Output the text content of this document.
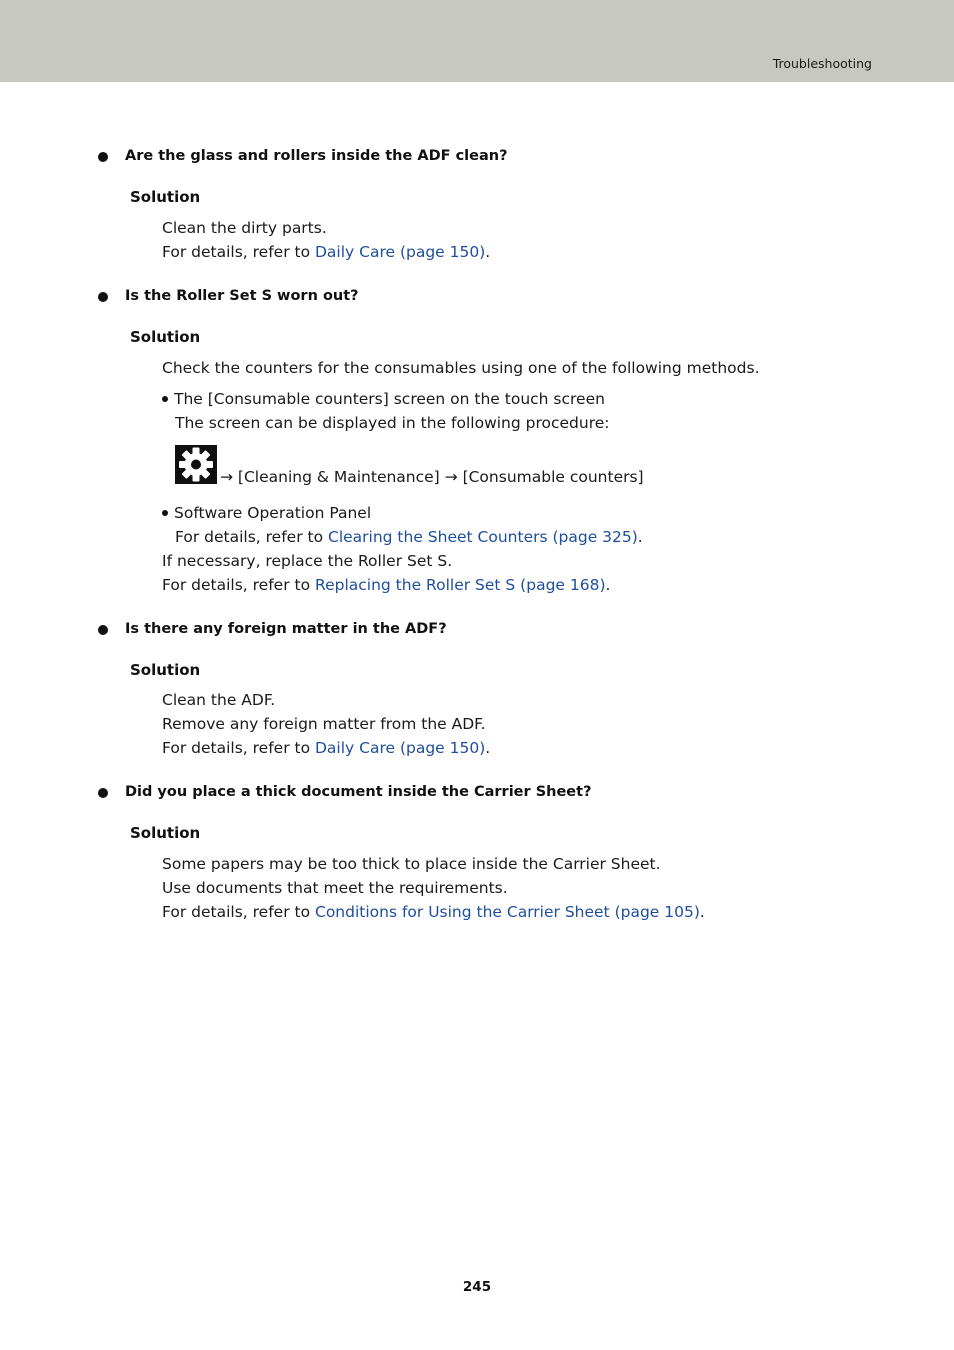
Troubleshooting
Are the glass and rollers inside the ADF clean?
Solution
Clean the dirty parts.
For details, refer to Daily Care (page 150).
Is the Roller Set S worn out?
Solution
Check the counters for the consumables using one of the following methods.
The [Consumable counters] screen on the touch screen
The screen can be displayed in the following procedure:
→ [Cleaning & Maintenance] → [Consumable counters]
Software Operation Panel
For details, refer to Clearing the Sheet Counters (page 325).
If necessary, replace the Roller Set S.
For details, refer to Replacing the Roller Set S (page 168).
Is there any foreign matter in the ADF?
Solution
Clean the ADF.
Remove any foreign matter from the ADF.
For details, refer to Daily Care (page 150).
Did you place a thick document inside the Carrier Sheet?
Solution
Some papers may be too thick to place inside the Carrier Sheet.
Use documents that meet the requirements.
For details, refer to Conditions for Using the Carrier Sheet (page 105).
245
